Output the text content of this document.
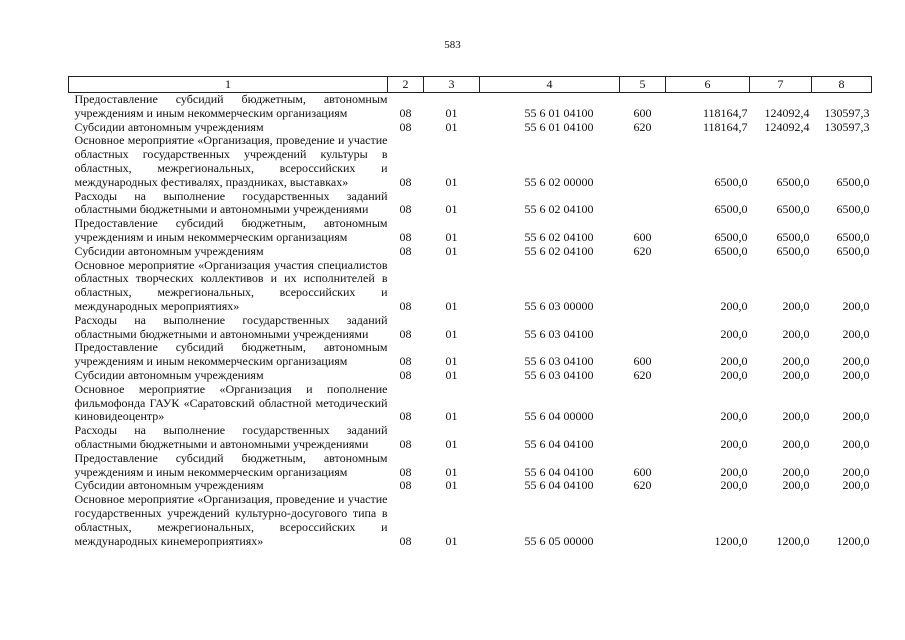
583
1	2	3	4	5	6	7	8
Предоставление субсидий бюджетным, автономным учреждениям и иным некоммерческим организациям	08	01	55 6 01 04100	600	118164,7	124092,4	130597,3
Субсидии автономным учреждениям	08	01	55 6 01 04100	620	118164,7	124092,4	130597,3
Основное мероприятие «Организация, проведение и участие областных государственных учреждений культуры в областных, межрегиональных, всероссийских и международных фестивалях, праздниках, выставках»	08	01	55 6 02 00000		6500,0	6500,0	6500,0
Расходы на выполнение государственных заданий областными бюджетными и автономными учреждениями	08	01	55 6 02 04100		6500,0	6500,0	6500,0
Предоставление субсидий бюджетным, автономным учреждениям и иным некоммерческим организациям	08	01	55 6 02 04100	600	6500,0	6500,0	6500,0
Субсидии автономным учреждениям	08	01	55 6 02 04100	620	6500,0	6500,0	6500,0
Основное мероприятие «Организация участия специалистов областных творческих коллективов и их исполнителей в областных, межрегиональных, всероссийских и международных мероприятиях»	08	01	55 6 03 00000		200,0	200,0	200,0
Расходы на выполнение государственных заданий областными бюджетными и автономными учреждениями	08	01	55 6 03 04100		200,0	200,0	200,0
Предоставление субсидий бюджетным, автономным учреждениям и иным некоммерческим организациям	08	01	55 6 03 04100	600	200,0	200,0	200,0
Субсидии автономным учреждениям	08	01	55 6 03 04100	620	200,0	200,0	200,0
Основное мероприятие «Организация и пополнение фильмофонда ГАУК «Саратовский областной методический киновидеоцентр»	08	01	55 6 04 00000		200,0	200,0	200,0
Расходы на выполнение государственных заданий областными бюджетными и автономными учреждениями	08	01	55 6 04 04100		200,0	200,0	200,0
Предоставление субсидий бюджетным, автономным учреждениям и иным некоммерческим организациям	08	01	55 6 04 04100	600	200,0	200,0	200,0
Субсидии автономным учреждениям	08	01	55 6 04 04100	620	200,0	200,0	200,0
Основное мероприятие «Организация, проведение и участие государственных учреждений культурно-досугового типа в областных, межрегиональных, всероссийских и международных кинемероприятиях»	08	01	55 6 05 00000		1200,0	1200,0	1200,0
